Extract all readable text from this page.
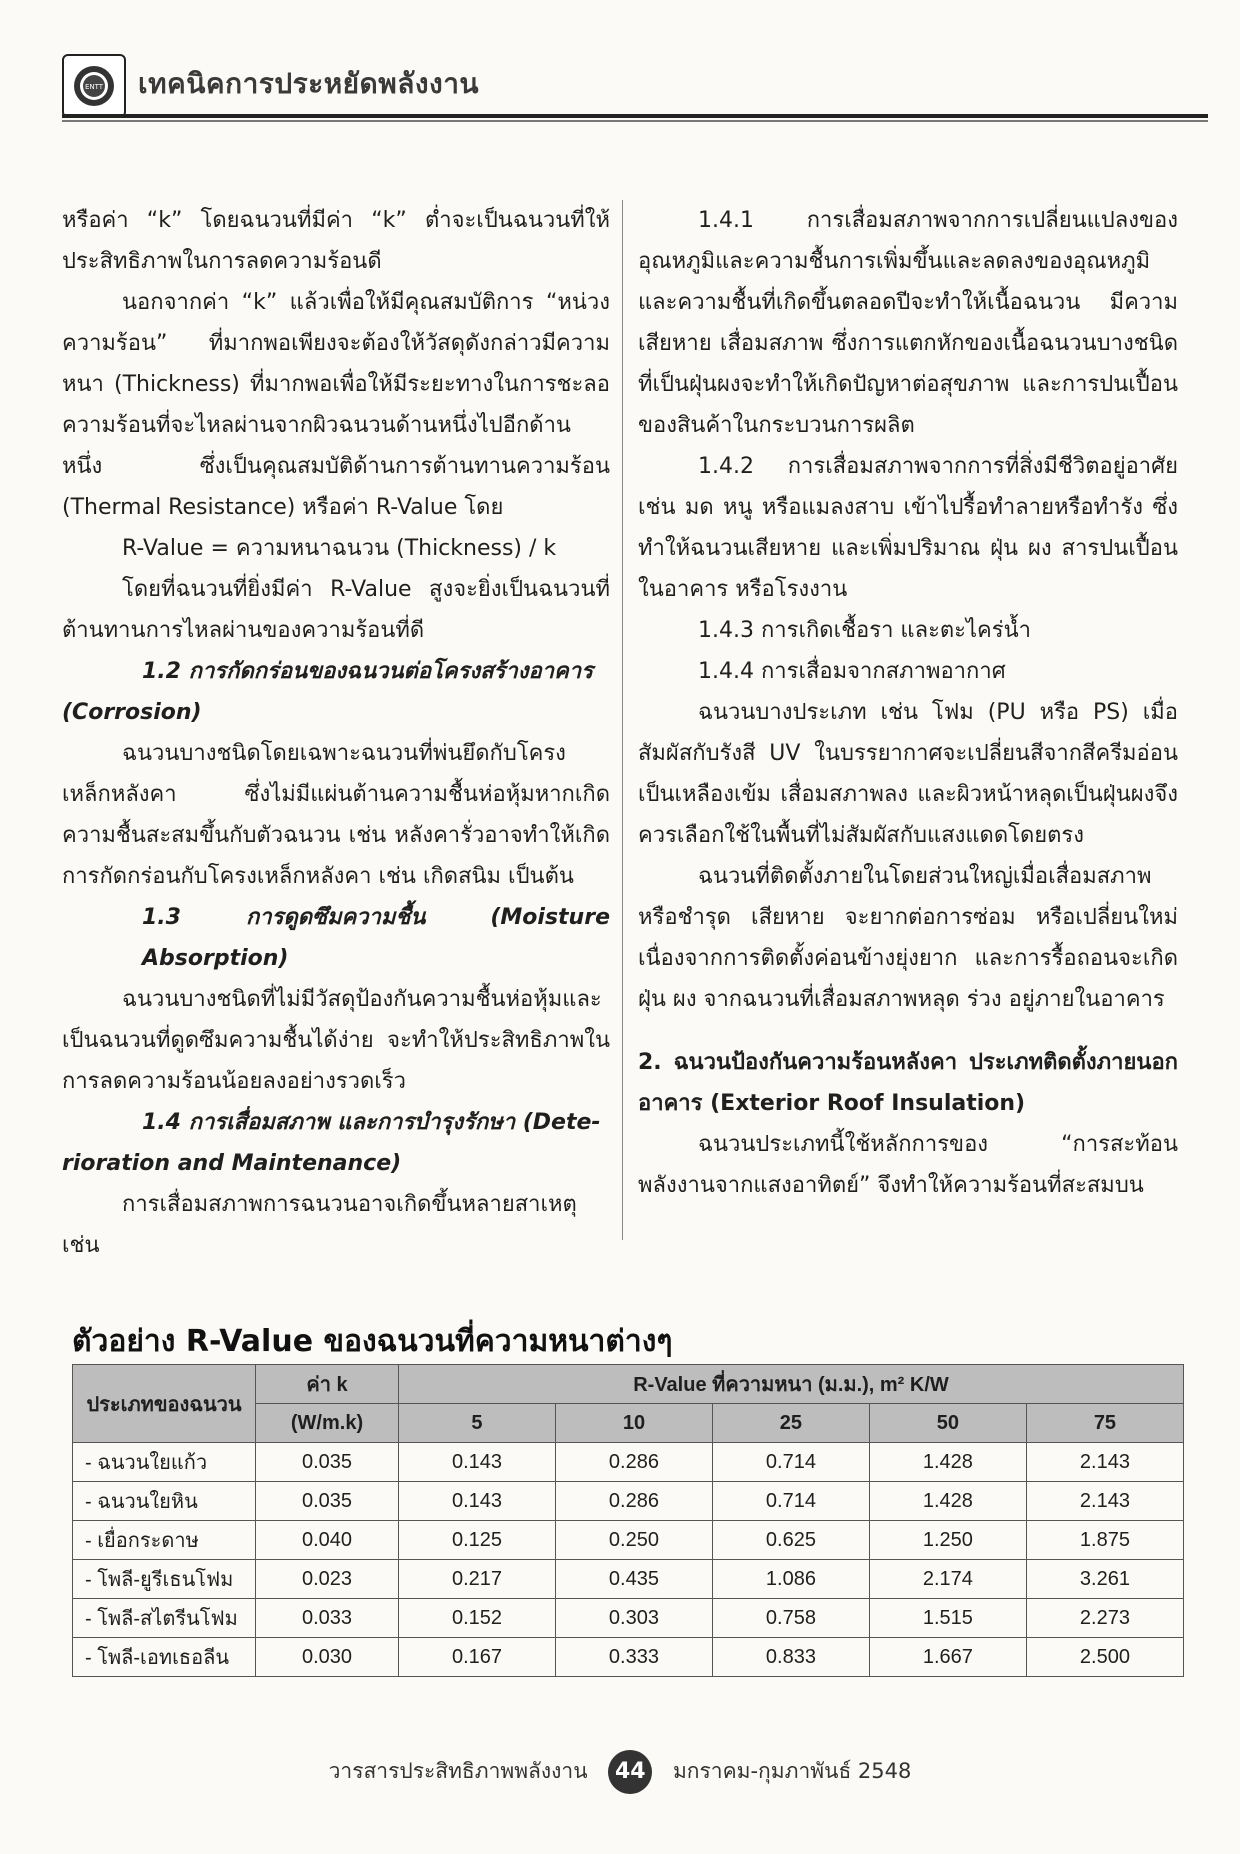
ENTT เทคนิคการประหยัดพลังงาน

หรือค่า “k” โดยฉนวนที่มีค่า “k” ต่ำจะเป็นฉนวนที่ให้ประสิทธิภาพในการลดความร้อนดี

นอกจากค่า “k” แล้วเพื่อให้มีคุณสมบัติการ “หน่วงความร้อน” ที่มากพอเพียงจะต้องให้วัสดุดังกล่าวมีความหนา (Thickness) ที่มากพอเพื่อให้มีระยะทางในการชะลอความร้อนที่จะไหลผ่านจากผิวฉนวนด้านหนึ่งไปอีกด้านหนึ่ง ซึ่งเป็นคุณสมบัติด้านการต้านทานความร้อน (Thermal Resistance) หรือค่า R-Value โดย

R-Value = ความหนาฉนวน (Thickness) / k

โดยที่ฉนวนที่ยิ่งมีค่า R-Value สูงจะยิ่งเป็นฉนวนที่ต้านทานการไหลผ่านของความร้อนที่ดี

1.2 การกัดกร่อนของฉนวนต่อโครงสร้างอาคาร

(Corrosion)

ฉนวนบางชนิดโดยเฉพาะฉนวนที่พ่นยึดกับโครงเหล็กหลังคา ซึ่งไม่มีแผ่นต้านความชื้นห่อหุ้มหากเกิดความชื้นสะสมขึ้นกับตัวฉนวน เช่น หลังคารั่วอาจทำให้เกิดการกัดกร่อนกับโครงเหล็กหลังคา เช่น เกิดสนิม เป็นต้น

1.3 การดูดซึมความชื้น (Moisture Absorption)

ฉนวนบางชนิดที่ไม่มีวัสดุป้องกันความชื้นห่อหุ้มและเป็นฉนวนที่ดูดซึมความชื้นได้ง่าย จะทำให้ประสิทธิภาพในการลดความร้อนน้อยลงอย่างรวดเร็ว

1.4 การเสื่อมสภาพ และการบำรุงรักษา (Dete-

rioration and Maintenance)

การเสื่อมสภาพการฉนวนอาจเกิดขึ้นหลายสาเหตุ เช่น

1.4.1 การเสื่อมสภาพจากการเปลี่ยนแปลงของอุณหภูมิและความชื้นการเพิ่มขึ้นและลดลงของอุณหภูมิและความชื้นที่เกิดขึ้นตลอดปีจะทำให้เนื้อฉนวน มีความเสียหาย เสื่อมสภาพ ซึ่งการแตกหักของเนื้อฉนวนบางชนิดที่เป็นฝุ่นผงจะทำให้เกิดปัญหาต่อสุขภาพ และการปนเปื้อนของสินค้าในกระบวนการผลิต

1.4.2 การเสื่อมสภาพจากการที่สิ่งมีชีวิตอยู่อาศัย เช่น มด หนู หรือแมลงสาบ เข้าไปรื้อทำลายหรือทำรัง ซึ่งทำให้ฉนวนเสียหาย และเพิ่มปริมาณ ฝุ่น ผง สารปนเปื้อนในอาคาร หรือโรงงาน

1.4.3 การเกิดเชื้อรา และตะไคร่น้ำ

1.4.4 การเสื่อมจากสภาพอากาศ

ฉนวนบางประเภท เช่น โฟม (PU หรือ PS) เมื่อสัมผัสกับรังสี UV ในบรรยากาศจะเปลี่ยนสีจากสีครีมอ่อนเป็นเหลืองเข้ม เสื่อมสภาพลง และผิวหน้าหลุดเป็นฝุ่นผงจึงควรเลือกใช้ในพื้นที่ไม่สัมผัสกับแสงแดดโดยตรง

ฉนวนที่ติดตั้งภายในโดยส่วนใหญ่เมื่อเสื่อมสภาพหรือชำรุด เสียหาย จะยากต่อการซ่อม หรือเปลี่ยนใหม่เนื่องจากการติดตั้งค่อนข้างยุ่งยาก และการรื้อถอนจะเกิดฝุ่น ผง จากฉนวนที่เสื่อมสภาพหลุด ร่วง อยู่ภายในอาคาร

2. ฉนวนป้องกันความร้อนหลังคา ประเภทติดตั้งภายนอกอาคาร (Exterior Roof Insulation)

ฉนวนประเภทนี้ใช้หลักการของ “การสะท้อนพลังงานจากแสงอาทิตย์” จึงทำให้ความร้อนที่สะสมบน

ตัวอย่าง R-Value ของฉนวนที่ความหนาต่างๆ
ประเภทของฉนวน	ค่า k	R-Value ที่ความหนา (ม.ม.), m² K/W				
	(W/m.k)	5	10	25	50	75
- ฉนวนใยแก้ว	0.035	0.143	0.286	0.714	1.428	2.143
- ฉนวนใยหิน	0.035	0.143	0.286	0.714	1.428	2.143
- เยื่อกระดาษ	0.040	0.125	0.250	0.625	1.250	1.875
- โพลี-ยูรีเธนโฟม	0.023	0.217	0.435	1.086	2.174	3.261
- โพลี-สไตรีนโฟม	0.033	0.152	0.303	0.758	1.515	2.273
- โพลี-เอทเธอลีน	0.030	0.167	0.333	0.833	1.667	2.500
วารสารประสิทธิภาพพลังงาน 44 มกราคม-กุมภาพันธ์ 2548
